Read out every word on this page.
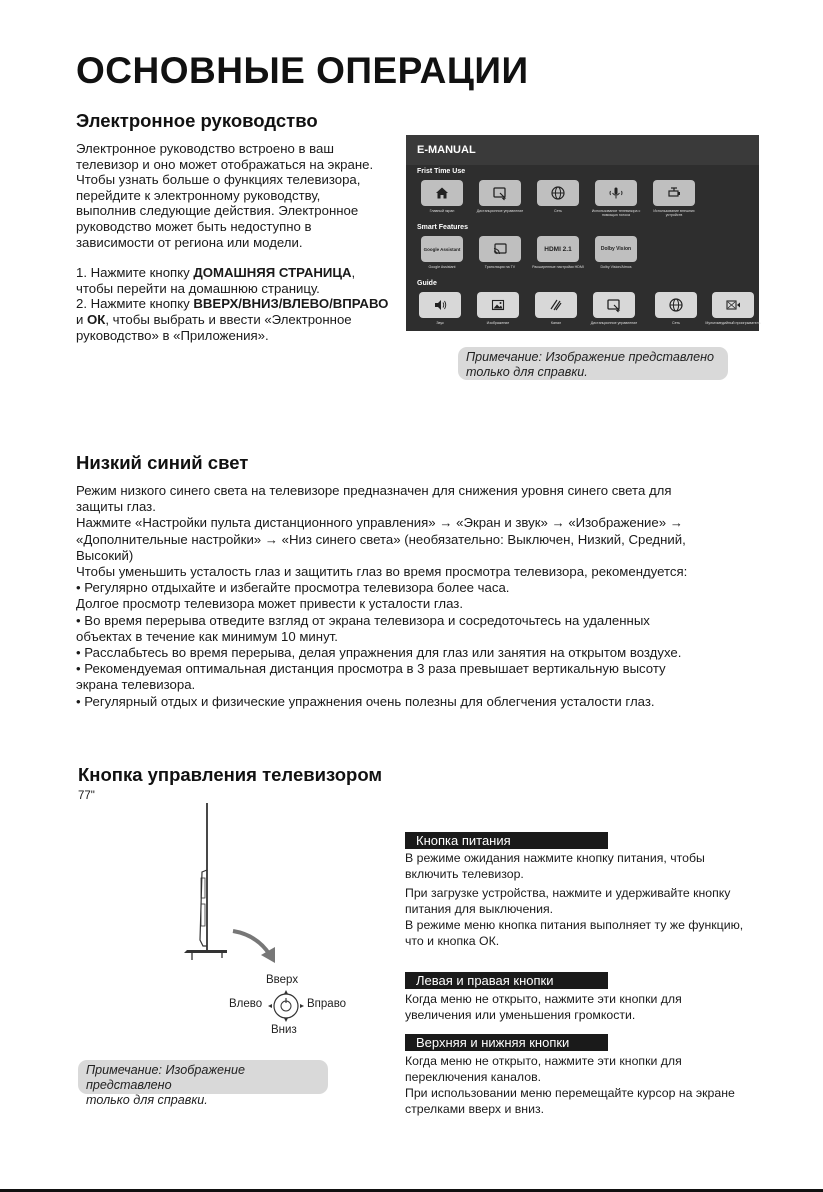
ОСНОВНЫЕ ОПЕРАЦИИ
Электронное руководство

Электронное руководство встроено в ваш

телевизор и оно может отображаться на экране.

Чтобы узнать больше о функциях телевизора,

перейдите к электронному руководству,

выполнив следующие действия. Электронное

руководство может быть недоступно в

зависимости от региона или модели.

1. Нажмите кнопку ДОМАШНЯЯ СТРАНИЦА,

чтобы перейти на домашнюю страницу.

2. Нажмите кнопку ВВЕРХ/ВНИЗ/ВЛЕВО/ВПРАВО

и ОК, чтобы выбрать и ввести «Электронное

руководство» в «Приложения».

E-MANUAL
Frist Time Use
Главный экран	Дистанционное управление	Сеть	Использование телевизора с помощью голоса
Использование внешних устройств
Smart Features
Google Assistant
Google Assistant	Трансляция на TV
HDMI 2.1
Расширенные настройки HDMI
Dolby Vision
Dolby Vision/Atmos
Guide
Звук	Изображение	Канал	Дистанционное управление	Сеть	Мультимедийный проигрыватель
Примечание: Изображение представлено
только для справки.
Низкий синий свет

Режим низкого синего света на телевизоре предназначен для снижения уровня синего света для

защиты глаз.

Нажмите «Настройки пульта дистанционного управления» → «Экран и звук» → «Изображение» →

«Дополнительные настройки» → «Низ синего света» (необязательно: Выключен, Низкий, Средний,

Высокий)

Чтобы уменьшить усталость глаз и защитить глаз во время просмотра телевизора, рекомендуется:

• Регулярно отдыхайте и избегайте просмотра телевизора более часа.

Долгое просмотр телевизора может привести к усталости глаз.

• Во время перерыва отведите взгляд от экрана телевизора и сосредоточьтесь на удаленных

объектах в течение как минимум 10 минут.

• Расслабьтесь во время перерыва, делая упражнения для глаз или занятия на открытом воздухе.

• Рекомендуемая оптимальная дистанция просмотра в 3 раза превышает вертикальную высоту

экрана телевизора.

• Регулярный отдых и физические упражнения очень полезны для облегчения усталости глаз.

Кнопка управления телевизором
77"
Вверх
Влево	Вправо
Вниз
Примечание: Изображение представлено
только для справки.
Кнопка питания

В режиме ожидания нажмите кнопку питания, чтобы

включить телевизор.

При загрузке устройства, нажмите и удерживайте кнопку

питания для выключения.

В режиме меню кнопка питания выполняет ту же функцию,

что и кнопка ОК.

Левая и правая кнопки

Когда меню не открыто, нажмите эти кнопки для

увеличения или уменьшения громкости.

Верхняя и нижняя кнопки

Когда меню не открыто, нажмите эти кнопки для

переключения каналов.

При использовании меню перемещайте курсор на экране

стрелками вверх и вниз.
